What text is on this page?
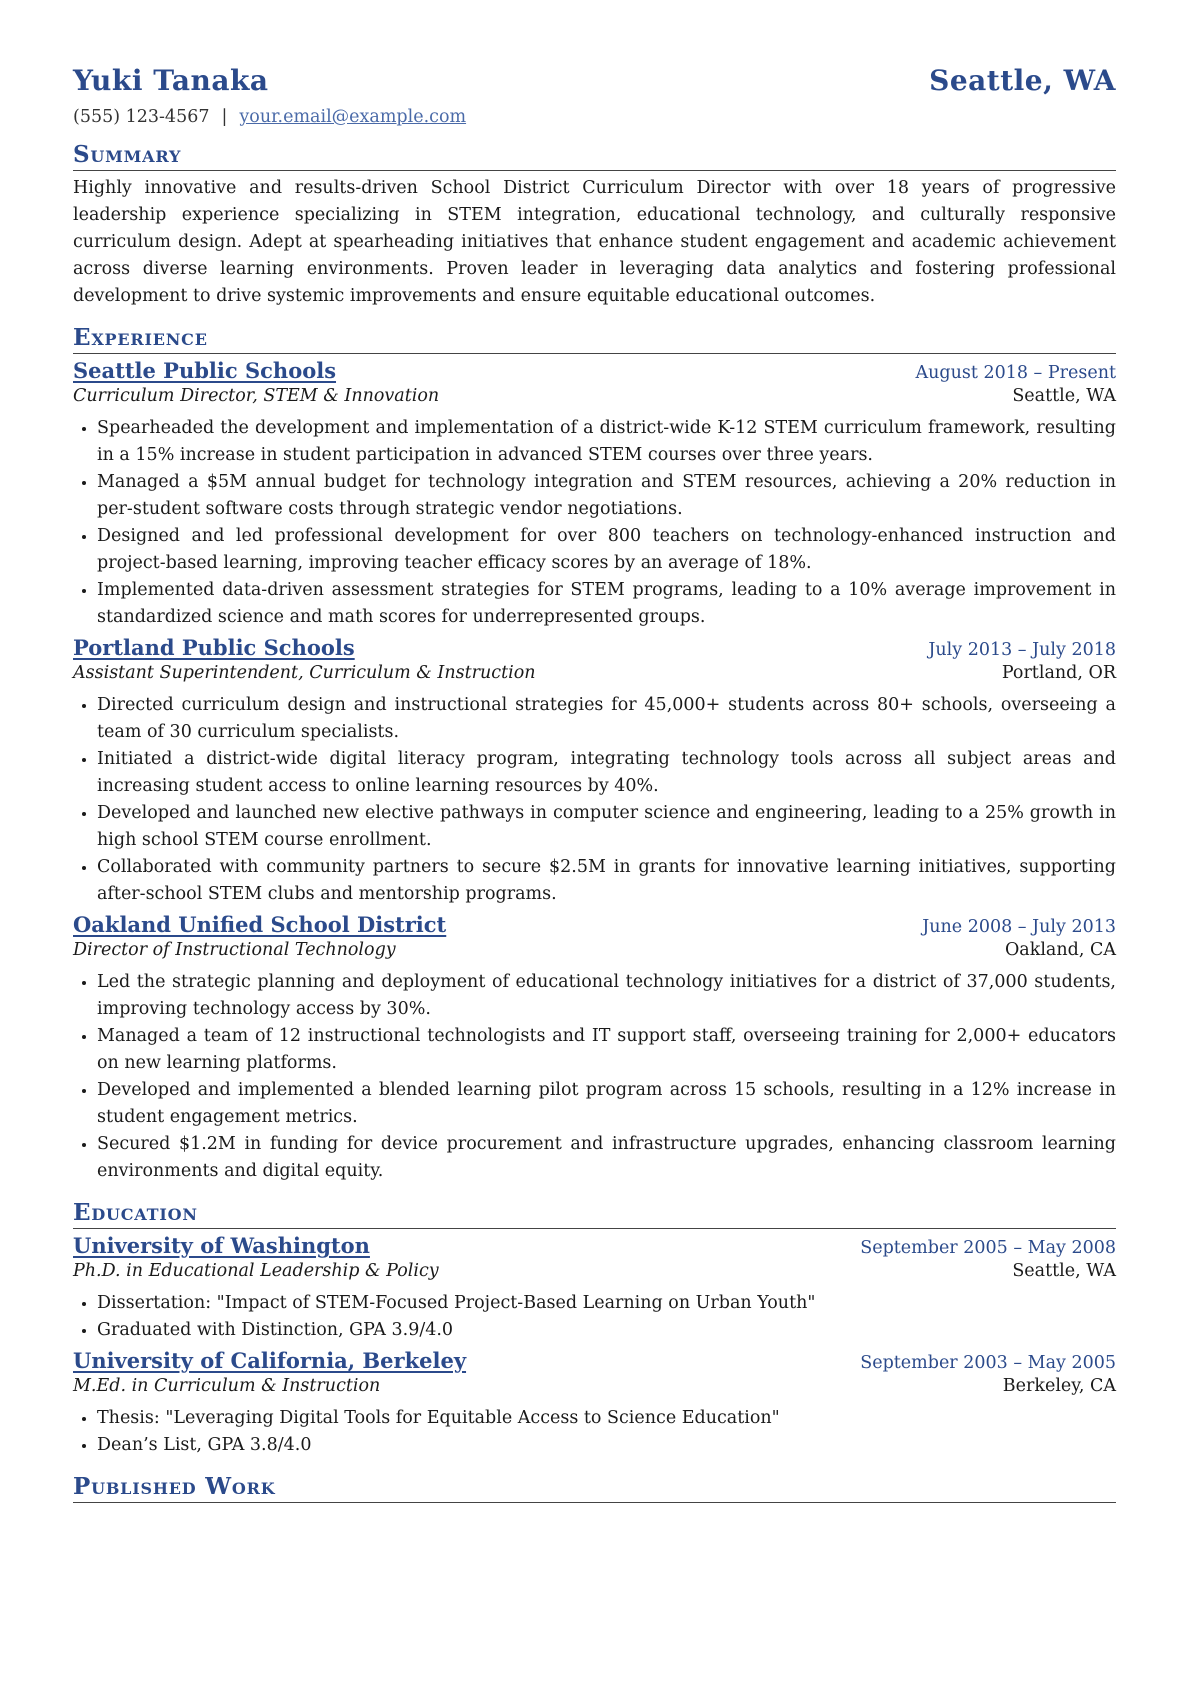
Yuki Tanaka	Seattle, WA
(555) 123-4567 | your.email@example.com
Summary
Highly innovative and results-driven School District Curriculum Director with over 18 years of progressive leadership experience specializing in STEM integration, educational technology, and culturally responsive curriculum design. Adept at spearheading initiatives that enhance student engagement and academic achievement across diverse learning environments. Proven leader in leveraging data analytics and fostering professional development to drive systemic improvements and ensure equitable educational outcomes.
Experience
Seattle Public Schools	August 2018 – Present
Curriculum Director, STEM & Innovation	Seattle, WA
• Spearheaded the development and implementation of a district-wide K-12 STEM curriculum framework, resulting in a 15% increase in student participation in advanced STEM courses over three years.
• Managed a $5M annual budget for technology integration and STEM resources, achieving a 20% reduction in per-student software costs through strategic vendor negotiations.
• Designed and led professional development for over 800 teachers on technology-enhanced instruction and project-based learning, improving teacher efficacy scores by an average of 18%.
• Implemented data-driven assessment strategies for STEM programs, leading to a 10% average improvement in standardized science and math scores for underrepresented groups.
Portland Public Schools	July 2013 – July 2018
Assistant Superintendent, Curriculum & Instruction	Portland, OR
• Directed curriculum design and instructional strategies for 45,000+ students across 80+ schools, overseeing a team of 30 curriculum specialists.
• Initiated a district-wide digital literacy program, integrating technology tools across all subject areas and increasing student access to online learning resources by 40%.
• Developed and launched new elective pathways in computer science and engineering, leading to a 25% growth in high school STEM course enrollment.
• Collaborated with community partners to secure $2.5M in grants for innovative learning initiatives, supporting after-school STEM clubs and mentorship programs.
Oakland Unified School District	June 2008 – July 2013
Director of Instructional Technology	Oakland, CA
• Led the strategic planning and deployment of educational technology initiatives for a district of 37,000 students, improving technology access by 30%.
• Managed a team of 12 instructional technologists and IT support staff, overseeing training for 2,000+ educators on new learning platforms.
• Developed and implemented a blended learning pilot program across 15 schools, resulting in a 12% increase in student engagement metrics.
• Secured $1.2M in funding for device procurement and infrastructure upgrades, enhancing classroom learning environments and digital equity.
Education
University of Washington	September 2005 – May 2008
Ph.D. in Educational Leadership & Policy	Seattle, WA
• Dissertation: "Impact of STEM-Focused Project-Based Learning on Urban Youth"
• Graduated with Distinction, GPA 3.9/4.0
University of California, Berkeley	September 2003 – May 2005
M.Ed. in Curriculum & Instruction	Berkeley, CA
• Thesis: "Leveraging Digital Tools for Equitable Access to Science Education"
• Dean’s List, GPA 3.8/4.0
Published Work
